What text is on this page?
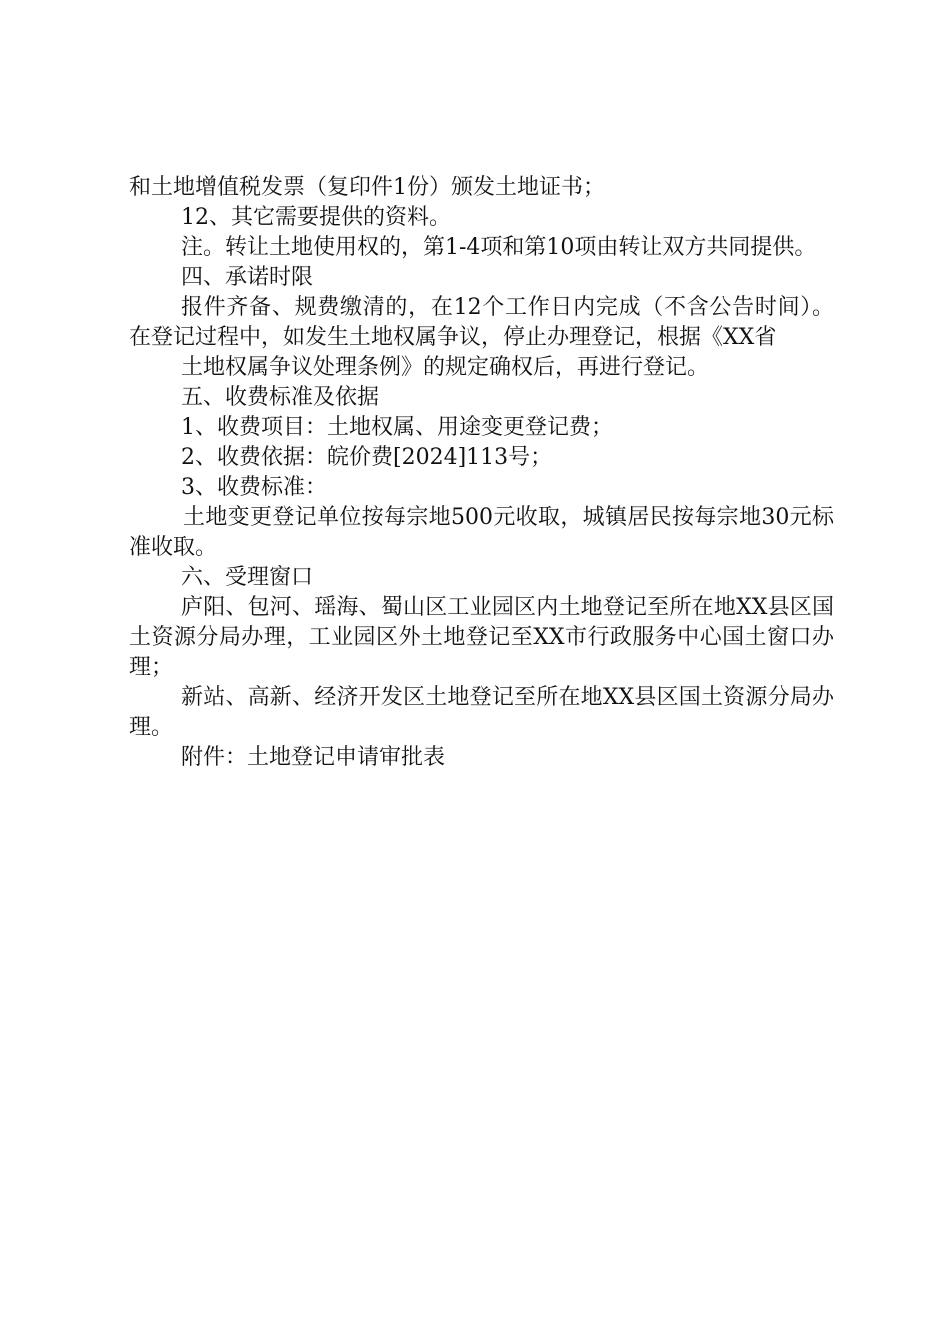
和土地增值税发票（复印件1份）颁发土地证书；

12、其它需要提供的资料。

注。转让土地使用权的，第1-4项和第10项由转让双方共同提供。

四、承诺时限

报件齐备、规费缴清的，在12个工作日内完成（不含公告时间）。在登记过程中，如发生土地权属争议，停止办理登记，根据《XX省

土地权属争议处理条例》的规定确权后，再进行登记。

五、收费标准及依据

1、收费项目：土地权属、用途变更登记费；

2、收费依据：皖价费[2024]113号；

3、收费标准：

土地变更登记单位按每宗地500元收取，城镇居民按每宗地30元标准收取。

六、受理窗口

庐阳、包河、瑶海、蜀山区工业园区内土地登记至所在地XX县区国土资源分局办理，工业园区外土地登记至XX市行政服务中心国土窗口办理；

新站、高新、经济开发区土地登记至所在地XX县区国土资源分局办理。

附件：土地登记申请审批表
